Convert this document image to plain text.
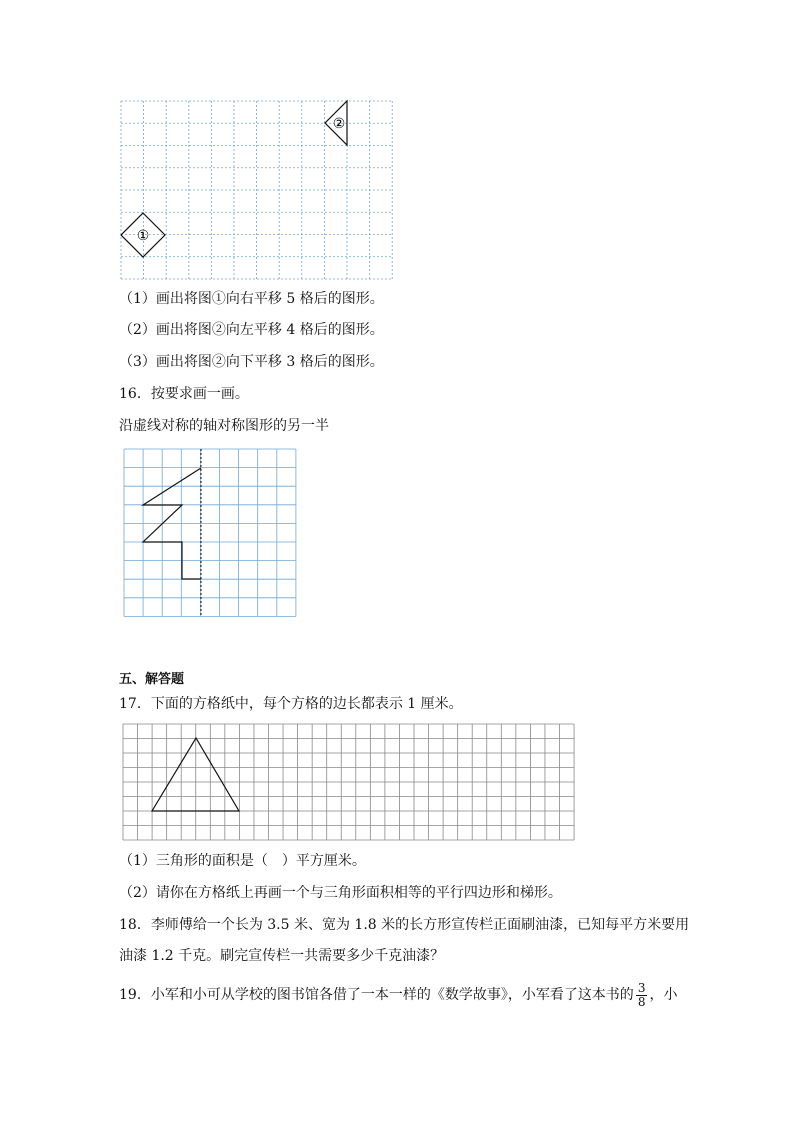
①
②
（1）画出将图①向右平移 5 格后的图形。
（2）画出将图②向左平移 4 格后的图形。
（3）画出将图②向下平移 3 格后的图形。
16．按要求画一画。
沿虚线对称的轴对称图形的另一半
五、解答题
17．下面的方格纸中，每个方格的边长都表示 1 厘米。
（1）三角形的面积是（　）平方厘米。
（2）请你在方格纸上再画一个与三角形面积相等的平行四边形和梯形。
18．李师傅给一个长为 3.5 米、宽为 1.8 米的长方形宣传栏正面刷油漆，已知每平方米要用
油漆 1.2 千克。刷完宣传栏一共需要多少千克油漆？
19．小军和小可从学校的图书馆各借了一本一样的《数学故事》，小军看了这本书的 $\frac{3}{8}$ ，小
